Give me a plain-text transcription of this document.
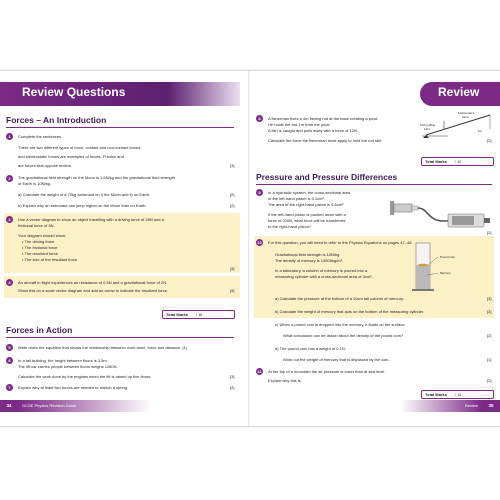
Review Questions
Forces – An Introduction
1	Complete the sentences.
There are two different types of force, contact and non-contact forces.
and electrostatic forces are examples of forces. Friction and
are forces that oppose motion.	[3]
2	The gravitational field strength on the Moon is 1.6N/kg and the gravitational field strength
of Earth is 10N/kg.
a) Calculate the weight of a 70kg astronaut on i) the Moon and ii) on Earth.	[2]
b) Explain why an astronaut can jump higher on the Moon than on Earth.	[2]
3	Use a vector diagram to show an object travelling with a driving force of 28N and a
frictional force of 5N.
Your diagram should show:
• The driving force
• The frictional force
• The resultant force
• The size of the resultant force.
[4]
4	An aircraft in flight experiences air resistance of 0.5N and a gravitational force of 2N.
Show this on a scale vector diagram and add an arrow to indicate the resultant force.	[4]
Total Marks / 16
Forces in Action
5	Write down the equation that shows the relationship between work done, force and distance. [1]
6	In a tall building, the height between floors is 3.5m.
The lift car carries people between floors weighs 1280N.
Calculate the work done by the engines when the lift is raised up five floors.	[3]
7	Explain why at least two forces are needed to stretch a spring.	[2]
34	GCSE Physics Revision Guide
Review
8	A fisherman fixes a 4m fishing rod at the base creating a pivot.
He holds the rod 1m from the pivot.
A fish is caught and pulls away with a force of 12N.
Calculate the force the fisherman must apply to hold the rod still.	[2]
Fish pulling
12N
Fisherman's
force
1m
Total Marks / 10
Pressure and Pressure Differences
9	In a hydraulic system, the cross-sectional area
of the left-hand piston is 0.1cm².
The area of the right-hand piston is 0.5cm².
If the left-hand piston is pushed down with a
force of 200N, what force will be transferred
to the right-hand piston?
[2]
10	For this question, you will need to refer to the Physics Equations on pages 47–48.
Gravitational field strength is 10N/kg.
The density of mercury is 13500kg/m³.
In a laboratory, a column of mercury is poured into a
measuring cylinder with a cross-sectional area of 3cm².
Pound coin
Mercury
a) Calculate the pressure at the bottom of a 10cm tall column of mercury.	[3]
b) Calculate the weight of mercury that acts on the bottom of the measuring cylinder.	[3]
c) When a pound coin is dropped into the mercury, it floats on the surface.
What conclusion can be drawn about the density of the pound coin?	[2]
d) The pound coin has a weight of 0.1N.
Work out the weight of mercury that is displaced by the coin.	[1]
11	At the top of a mountain the air pressure is lower than at sea level.
Explain why this is.	[2]
Total Marks / 13
Review	35
